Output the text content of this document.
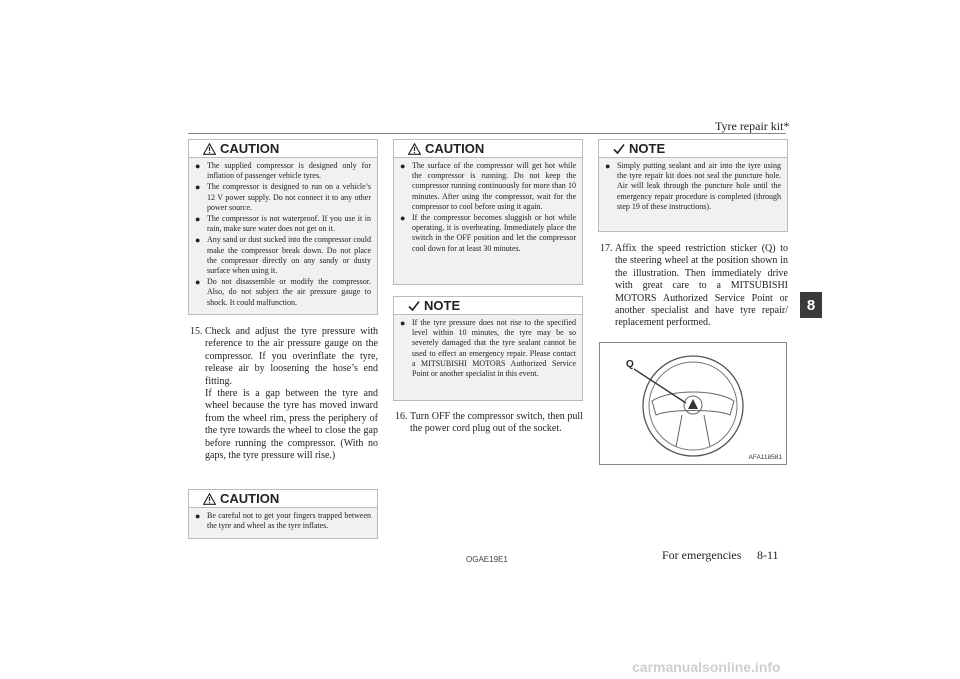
Tyre repair kit*
8
CAUTION
● The supplied compressor is designed only for inflation of passenger vehicle tyres.
● The compressor is designed to run on a vehicle’s 12 V power supply. Do not connect it to any other power source.
● The compressor is not waterproof. If you use it in rain, make sure water does not get on it.
● Any sand or dust sucked into the compressor could make the compressor break down. Do not place the compressor directly on any sandy or dusty surface when using it.
● Do not disassemble or modify the compressor. Also, do not subject the air pressure gauge to shock. It could malfunction.
15. Check and adjust the tyre pressure with reference to the air pressure gauge on the compressor. If you overinflate the tyre, release air by loosening the hose’s end fitting.

If there is a gap between the tyre and wheel because the tyre has moved inward from the wheel rim, press the periphery of the tyre towards the wheel to close the gap before running the compressor. (With no gaps, the tyre pressure will rise.)

CAUTION
● Be careful not to get your fingers trapped between the tyre and wheel as the tyre inflates.
CAUTION
● The surface of the compressor will get hot while the compressor is running. Do not keep the compressor running continuously for more than 10 minutes. After using the compressor, wait for the compressor to cool before using it again.
● If the compressor becomes sluggish or hot while operating, it is overheating. Immediately place the switch in the OFF position and let the compressor cool down for at least 30 minutes.
NOTE
● If the tyre pressure does not rise to the specified level within 10 minutes, the tyre may be so severely damaged that the tyre sealant cannot be used to effect an emergency repair. Please contact a MITSUBISHI MOTORS Authorized Service Point or another specialist in this event.
16. Turn OFF the compressor switch, then pull the power cord plug out of the socket.

NOTE
● Simply putting sealant and air into the tyre using the tyre repair kit does not seal the puncture hole. Air will leak through the puncture hole until the emergency repair procedure is completed (through step 19 of these instructions).
17. Affix the speed restriction sticker (Q) to the steering wheel at the position shown in the illustration. Then immediately drive with great care to a MITSUBISHI MOTORS Authorized Service Point or another specialist and have tyre repair/ replacement performed.

Q
AFA118581
OGAE19E1	For emergencies 8-11
carmanualsonline.info
